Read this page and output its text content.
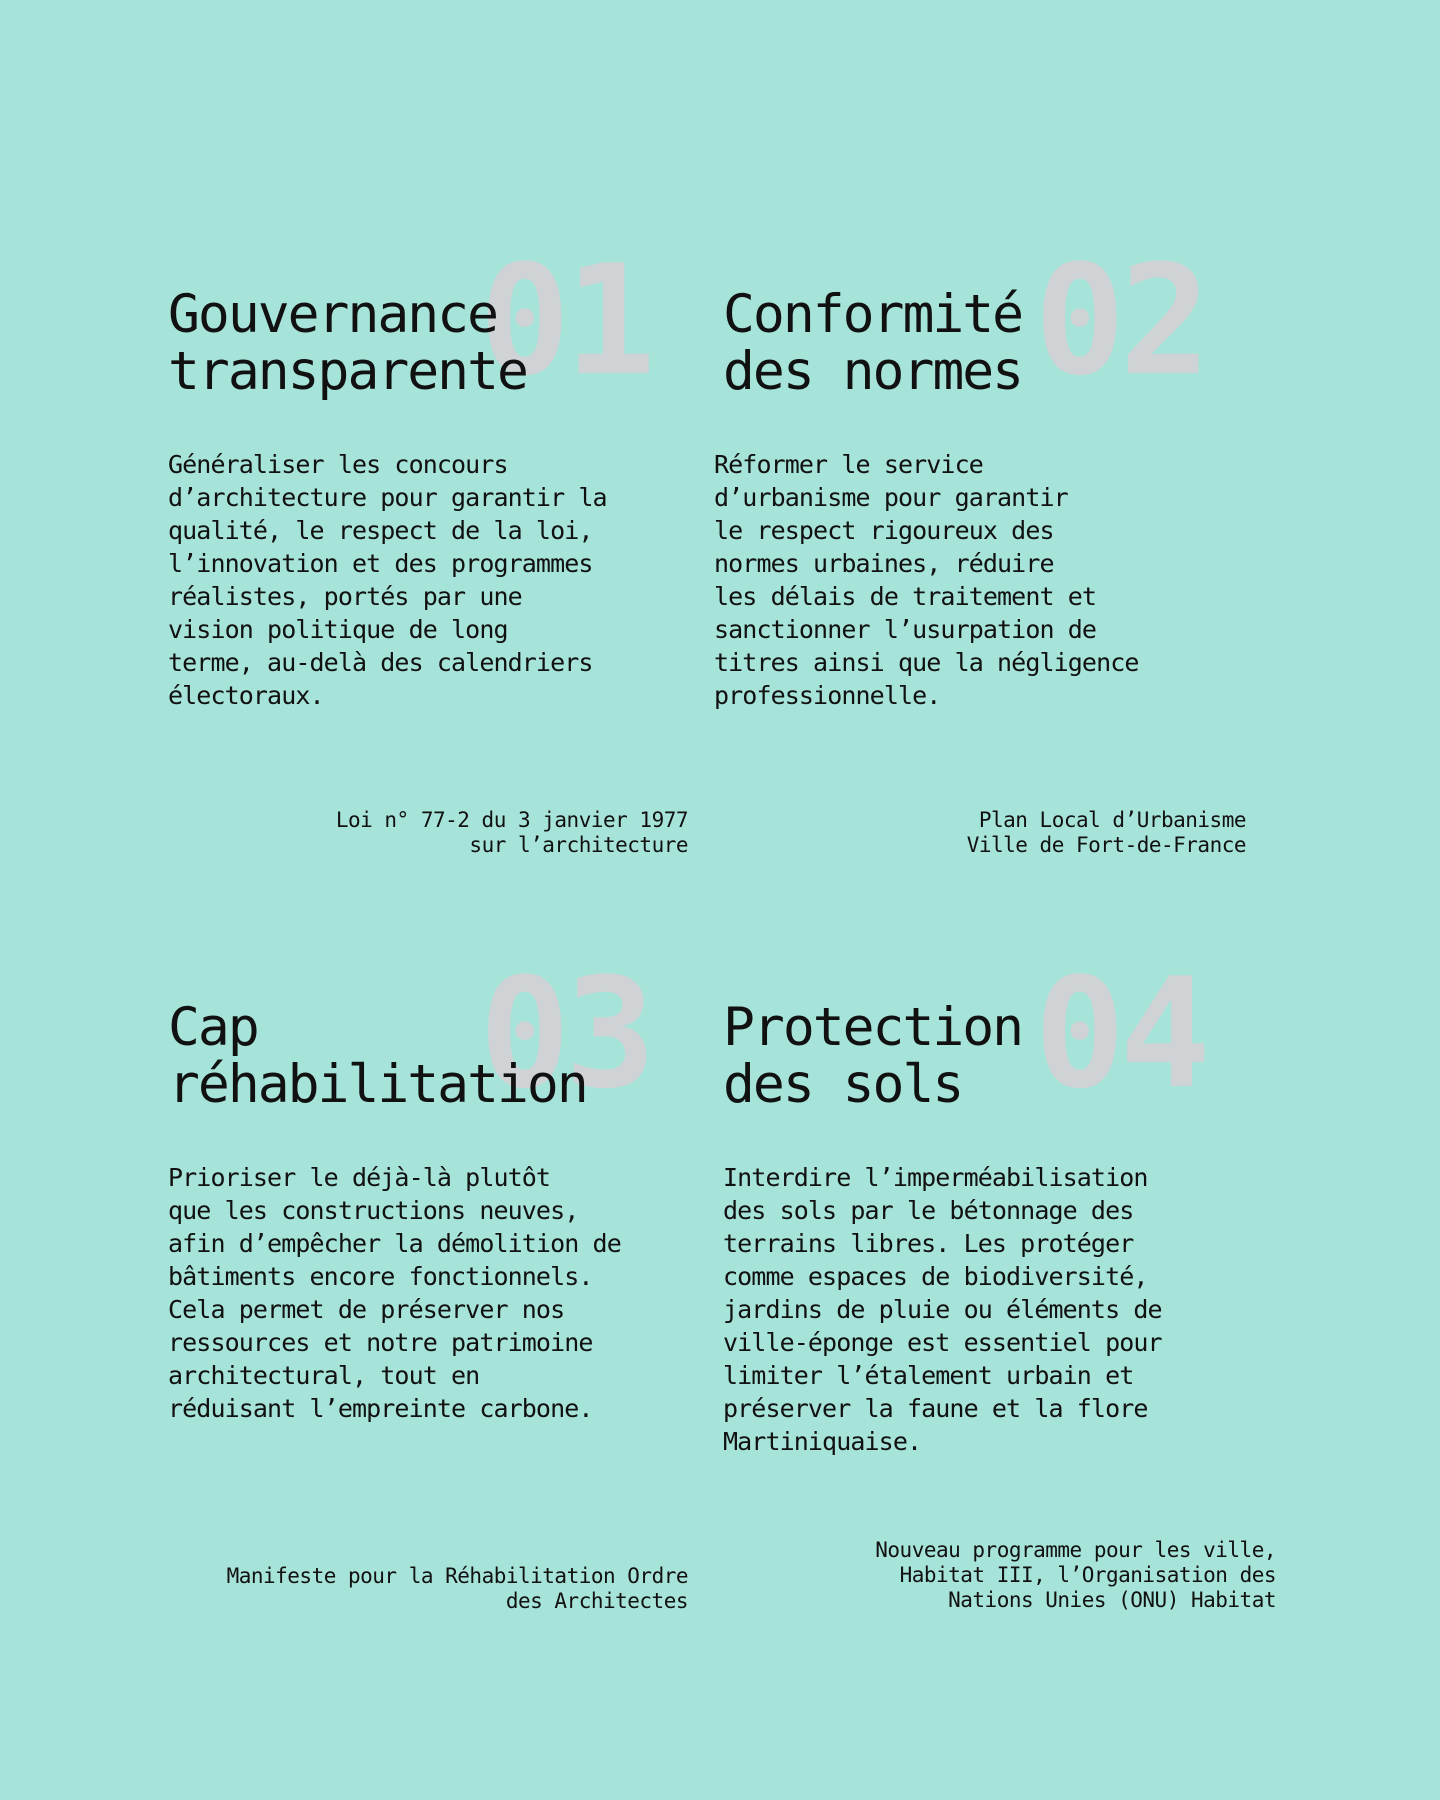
01
Gouvernance
transparente

Généraliser les concours
d’architecture pour garantir la
qualité, le respect de la loi,
l’innovation et des programmes
réalistes, portés par une
vision politique de long
terme, au-delà des calendriers
électoraux.

Loi n° 77-2 du 3 janvier 1977
sur l’architecture

02
Conformité
des normes

Réformer le service
d’urbanisme pour garantir
le respect rigoureux des
normes urbaines, réduire
les délais de traitement et
sanctionner l’usurpation de
titres ainsi que la négligence
professionnelle.

Plan Local d’Urbanisme
Ville de Fort-de-France

03
Cap
réhabilitation

Prioriser le déjà-là plutôt
que les constructions neuves,
afin d’empêcher la démolition de
bâtiments encore fonctionnels.
Cela permet de préserver nos
ressources et notre patrimoine
architectural, tout en
réduisant l’empreinte carbone.

Manifeste pour la Réhabilitation Ordre
des Architectes

04
Protection
des sols

Interdire l’imperméabilisation
des sols par le bétonnage des
terrains libres. Les protéger
comme espaces de biodiversité,
jardins de pluie ou éléments de
ville-éponge est essentiel pour
limiter l’étalement urbain et
préserver la faune et la flore
Martiniquaise.

Nouveau programme pour les ville,
Habitat III, l’Organisation des
Nations Unies (ONU) Habitat
